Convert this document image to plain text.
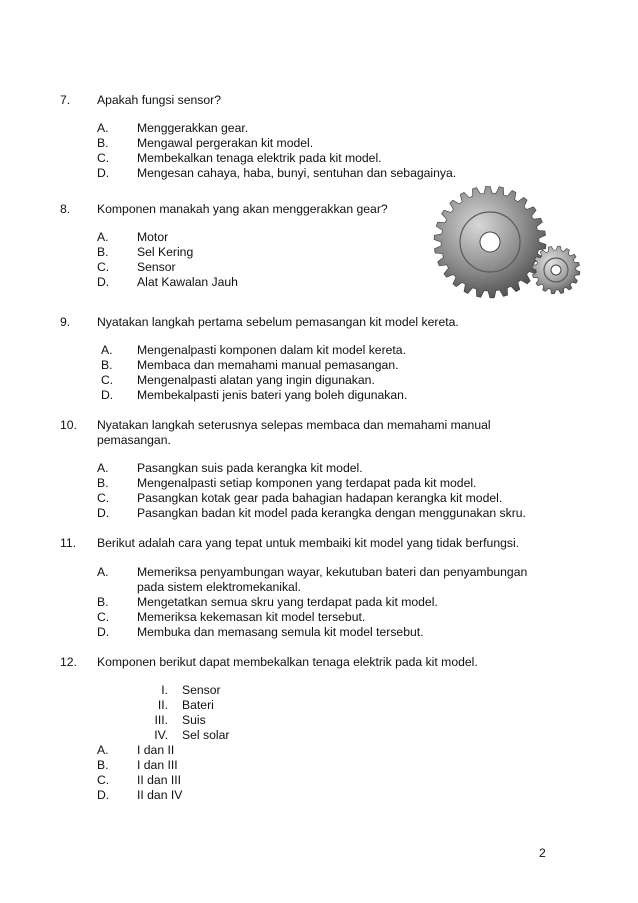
7. Apakah fungsi sensor?
A. Menggerakkan gear.
B. Mengawal pergerakan kit model.
C. Membekalkan tenaga elektrik pada kit model.
D. Mengesan cahaya, haba, bunyi, sentuhan dan sebagainya.
8. Komponen manakah yang akan menggerakkan gear?
A. Motor
B. Sel Kering
C. Sensor
D. Alat Kawalan Jauh
9. Nyatakan langkah pertama sebelum pemasangan kit model kereta.
A. Mengenalpasti komponen dalam kit model kereta.
B. Membaca dan memahami manual pemasangan.
C. Mengenalpasti alatan yang ingin digunakan.
D. Membekalpasti jenis bateri yang boleh digunakan.
10. Nyatakan langkah seterusnya selepas membaca dan memahami manual pemasangan.
A. Pasangkan suis pada kerangka kit model.
B. Mengenalpasti setiap komponen yang terdapat pada kit model.
C. Pasangkan kotak gear pada bahagian hadapan kerangka kit model.
D. Pasangkan badan kit model pada kerangka dengan menggunakan skru.
11. Berikut adalah cara yang tepat untuk membaiki kit model yang tidak berfungsi.
A. Memeriksa penyambungan wayar, kekutuban bateri dan penyambungan pada sistem elektromekanikal.
B. Mengetatkan semua skru yang terdapat pada kit model.
C. Memeriksa kekemasan kit model tersebut.
D. Membuka dan memasang semula kit model tersebut.
12. Komponen berikut dapat membekalkan tenaga elektrik pada kit model.
I. Sensor
II. Bateri
III. Suis
IV. Sel solar
A. I dan II
B. I dan III
C. II dan III
D. II dan IV
2
